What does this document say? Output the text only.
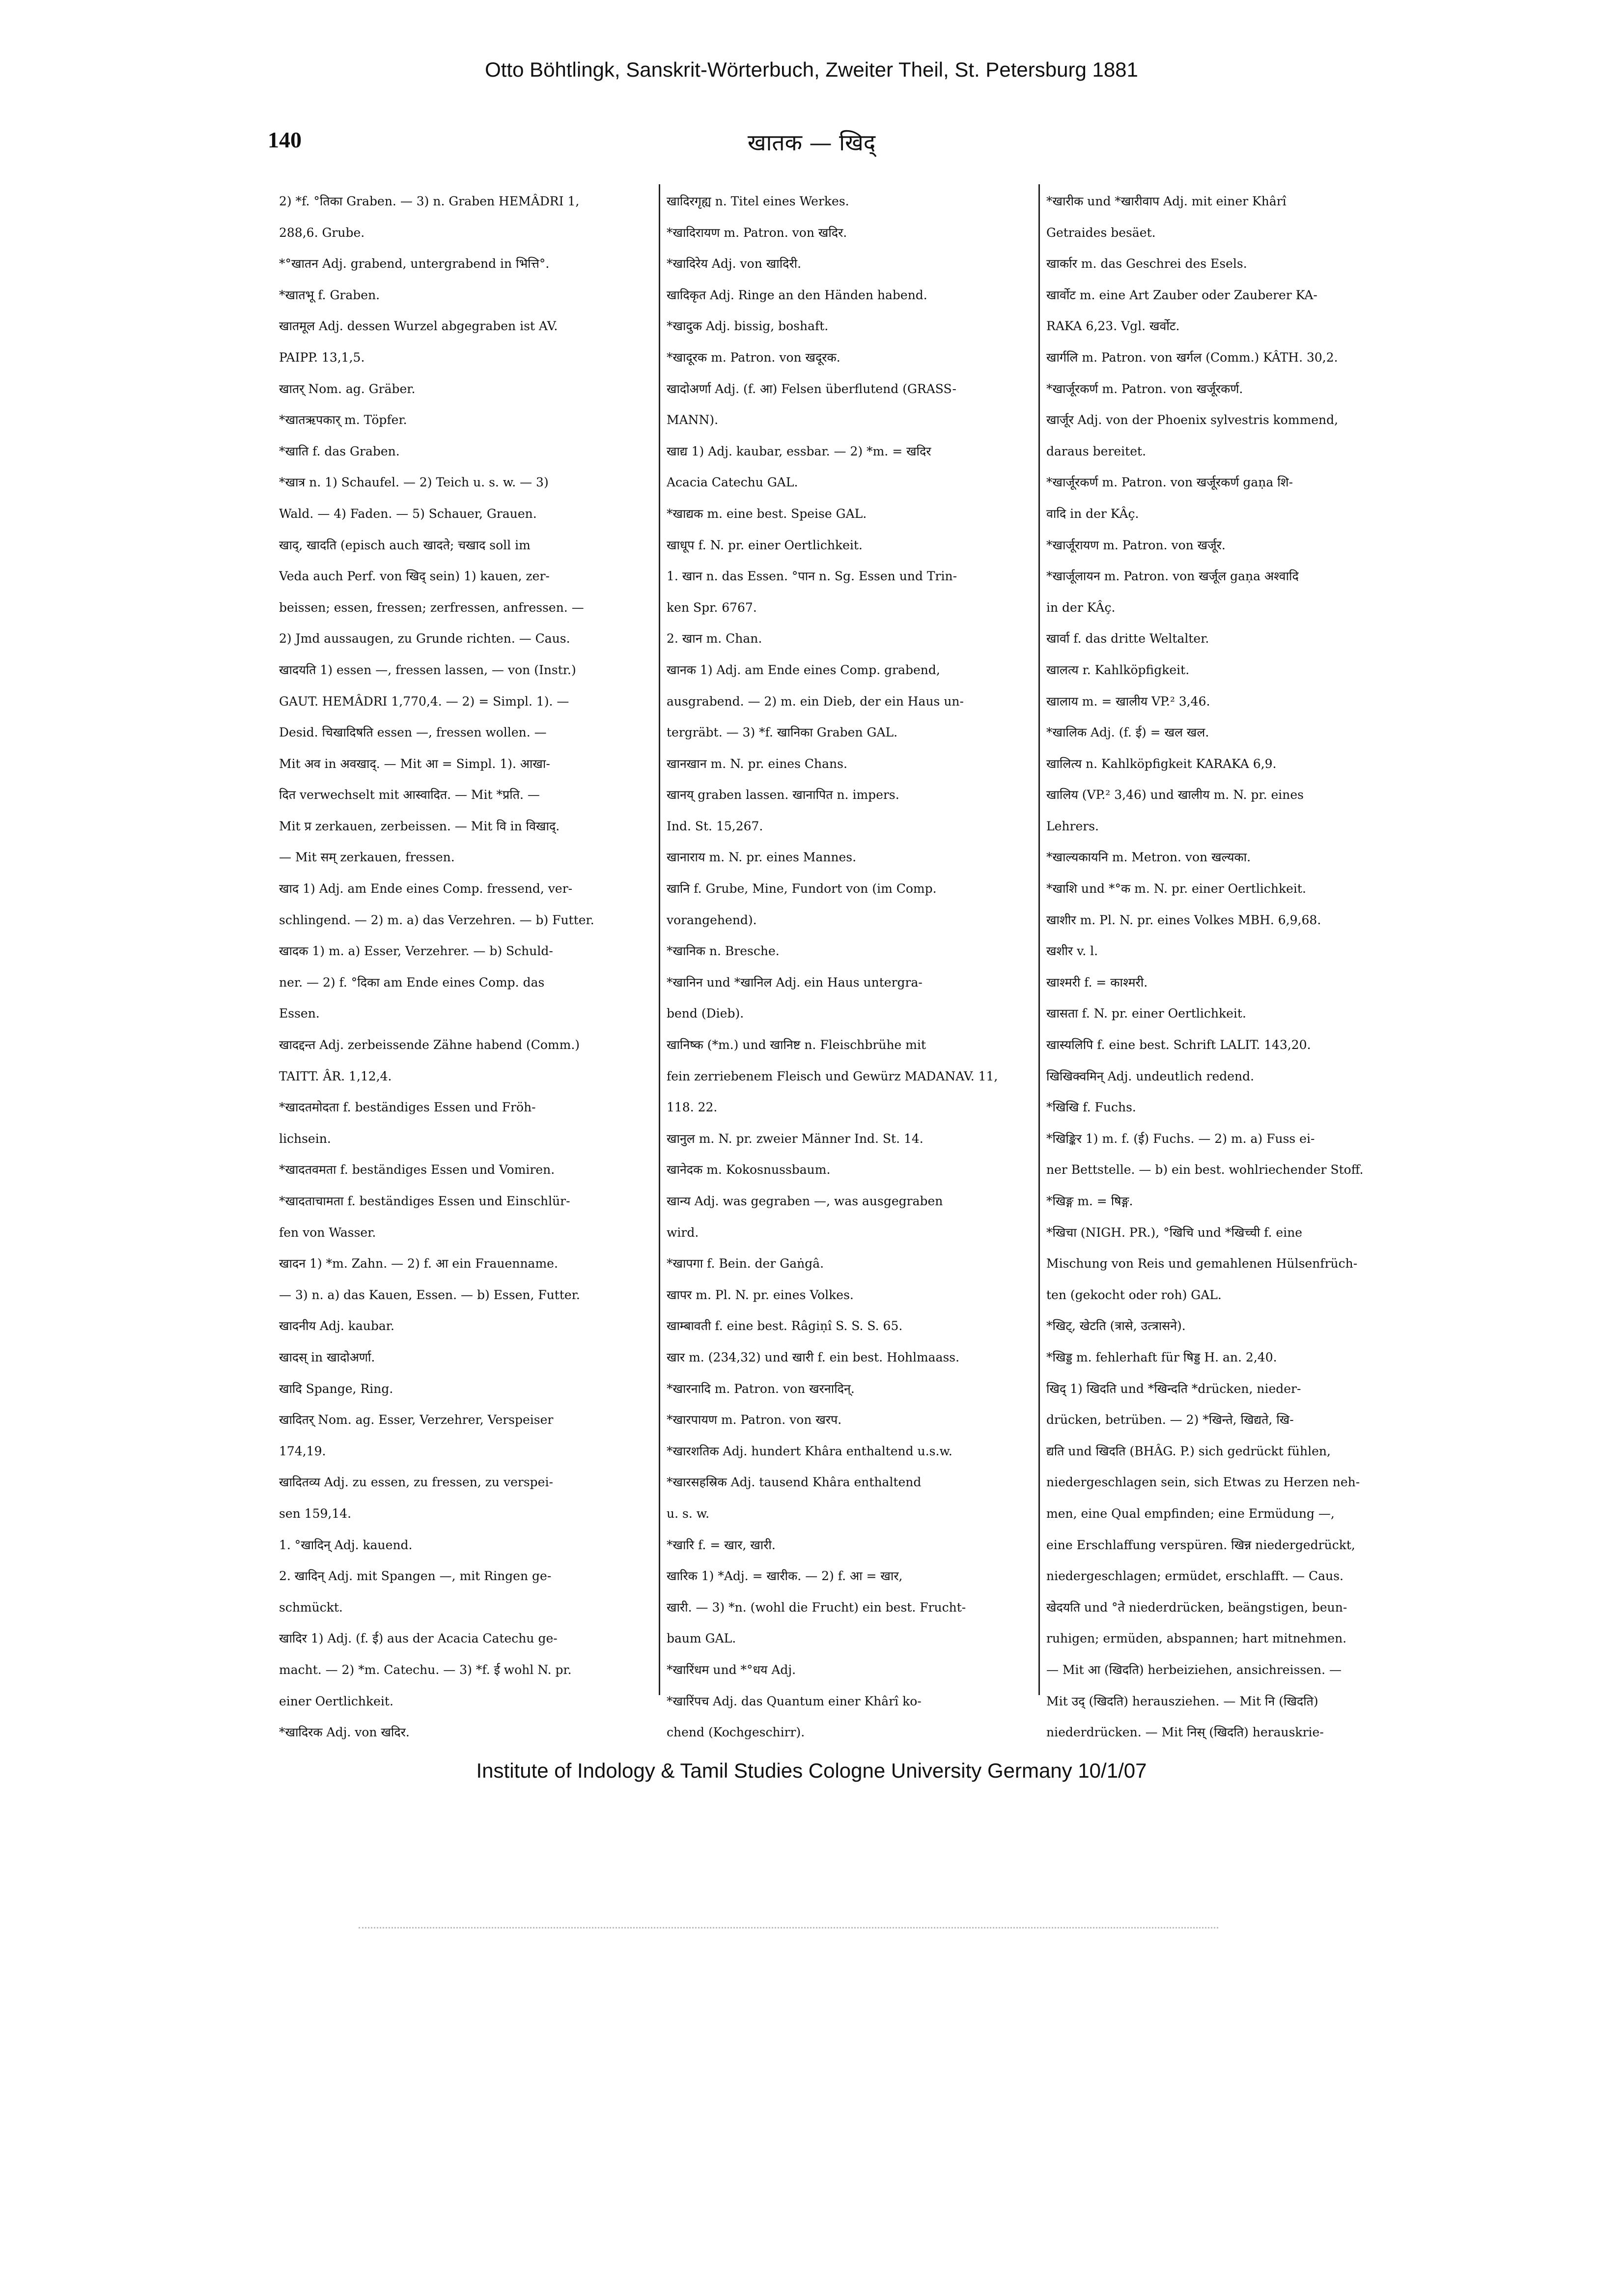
Otto Böhtlingk, Sanskrit-Wörterbuch, Zweiter Theil, St. Petersburg 1881
140	खातक — खिद्
2) *f. °तिका Graben. — 3) n. Graben HEMÂDRI 1,
288,6. Grube.
*°खातन Adj. grabend, untergrabend in भित्ति°.
*खातभू f. Graben.
खातमूल Adj. dessen Wurzel abgegraben ist AV.
PAIPP. 13,1,5.
खातर् Nom. ag. Gräber.
*खातऋपकार् m. Töpfer.
*खाति f. das Graben.
*खात्र n. 1) Schaufel. — 2) Teich u. s. w. — 3)
Wald. — 4) Faden. — 5) Schauer, Grauen.
खाद्, खादति (episch auch खादते; चखाद soll im
Veda auch Perf. von खिद् sein) 1) kauen, zer-
beissen; essen, fressen; zerfressen, anfressen. —
2) Jmd aussaugen, zu Grunde richten. — Caus.
खादयति 1) essen —, fressen lassen, — von (Instr.)
GAUT. HEMÂDRI 1,770,4. — 2) = Simpl. 1). —
Desid. चिखादिषति essen —, fressen wollen. —
Mit अव in अवखाद्. — Mit आ = Simpl. 1). आखा-
दित verwechselt mit आस्वादित. — Mit *प्रति. —
Mit प्र zerkauen, zerbeissen. — Mit वि in विखाद्.
— Mit सम् zerkauen, fressen.
खाद 1) Adj. am Ende eines Comp. fressend, ver-
schlingend. — 2) m. a) das Verzehren. — b) Futter.
खादक 1) m. a) Esser, Verzehrer. — b) Schuld-
ner. — 2) f. °दिका am Ende eines Comp. das
Essen.
खादद्दन्त Adj. zerbeissende Zähne habend (Comm.)
TAITT. ÂR. 1,12,4.
*खादतमोदता f. beständiges Essen und Fröh-
lichsein.
*खादतवमता f. beständiges Essen und Vomiren.
*खादताचामता f. beständiges Essen und Einschlür-
fen von Wasser.
खादन 1) *m. Zahn. — 2) f. आ ein Frauenname.
— 3) n. a) das Kauen, Essen. — b) Essen, Futter.
खादनीय Adj. kaubar.
खादस् in खादोअर्णा.
खादि Spange, Ring.
खादितर् Nom. ag. Esser, Verzehrer, Verspeiser
174,19.
खादितव्य Adj. zu essen, zu fressen, zu verspei-
sen 159,14.
1. °खादिन् Adj. kauend.
2. खादिन् Adj. mit Spangen —, mit Ringen ge-
schmückt.
खादिर 1) Adj. (f. ई) aus der Acacia Catechu ge-
macht. — 2) *m. Catechu. — 3) *f. ई wohl N. pr.
einer Oertlichkeit.
*खादिरक Adj. von खदिर.
खादिरगृह्य n. Titel eines Werkes.
*खादिरायण m. Patron. von खदिर.
*खादिरेय Adj. von खादिरी.
खादिकृत Adj. Ringe an den Händen habend.
*खादुक Adj. bissig, boshaft.
*खादूरक m. Patron. von खदूरक.
खादोअर्णा Adj. (f. आ) Felsen überflutend (GRASS-
MANN).
खाद्य 1) Adj. kaubar, essbar. — 2) *m. = खदिर
Acacia Catechu GAL.
*खाद्यक m. eine best. Speise GAL.
खाधूप f. N. pr. einer Oertlichkeit.
1. खान n. das Essen. °पान n. Sg. Essen und Trin-
ken Spr. 6767.
2. खान m. Chan.
खानक 1) Adj. am Ende eines Comp. grabend,
ausgrabend. — 2) m. ein Dieb, der ein Haus un-
tergräbt. — 3) *f. खानिका Graben GAL.
खानखान m. N. pr. eines Chans.
खानय् graben lassen. खानापित n. impers.
Ind. St. 15,267.
खानाराय m. N. pr. eines Mannes.
खानि f. Grube, Mine, Fundort von (im Comp.
vorangehend).
*खानिक n. Bresche.
*खानिन und *खानिल Adj. ein Haus untergra-
bend (Dieb).
खानिष्क (*m.) und खानिष्ट n. Fleischbrühe mit
fein zerriebenem Fleisch und Gewürz MADANAV. 11,
118. 22.
खानुल m. N. pr. zweier Männer Ind. St. 14.
खानेदक m. Kokosnussbaum.
खान्य Adj. was gegraben —, was ausgegraben
wird.
*खापगा f. Bein. der Gaṅgâ.
खापर m. Pl. N. pr. eines Volkes.
खाम्बावती f. eine best. Râgiṇî S. S. S. 65.
खार m. (234,32) und खारी f. ein best. Hohlmaass.
*खारनादि m. Patron. von खरनादिन्.
*खारपायण m. Patron. von खरप.
*खारशतिक Adj. hundert Khâra enthaltend u.s.w.
*खारसहस्रिक Adj. tausend Khâra enthaltend
u. s. w.
*खारि f. = खार, खारी.
खारिक 1) *Adj. = खारीक. — 2) f. आ = खार,
खारी. — 3) *n. (wohl die Frucht) ein best. Frucht-
baum GAL.
*खारिंधम und *°धय Adj.
*खारिंपच Adj. das Quantum einer Khârî ko-
chend (Kochgeschirr).
*खारीक und *खारीवाप Adj. mit einer Khârî
Getraides besäet.
खार्कार m. das Geschrei des Esels.
खार्वोट m. eine Art Zauber oder Zauberer KA-
RAKA 6,23. Vgl. खर्वोट.
खार्गलि m. Patron. von खर्गल (Comm.) KÂTH. 30,2.
*खार्जूरकर्ण m. Patron. von खर्जूरकर्ण.
खार्जूर Adj. von der Phoenix sylvestris kommend,
daraus bereitet.
*खार्जूरकर्ण m. Patron. von खर्जूरकर्ण gaṇa शि-
वादि in der KÂç.
*खार्जूरायण m. Patron. von खर्जूर.
*खार्जूलायन m. Patron. von खर्जूल gaṇa अश्वादि
in der KÂç.
खार्वा f. das dritte Weltalter.
खालत्य r. Kahlköpfigkeit.
खालाय m. = खालीय VP.² 3,46.
*खालिक Adj. (f. ई) = खल खल.
खालित्य n. Kahlköpfigkeit KARAKA 6,9.
खालिय (VP.² 3,46) und खालीय m. N. pr. eines
Lehrers.
*खाल्यकायनि m. Metron. von खल्यका.
*खाशि und *°क m. N. pr. einer Oertlichkeit.
खाशीर m. Pl. N. pr. eines Volkes MBH. 6,9,68.
खशीर v. l.
खाश्मरी f. = काश्मरी.
खासता f. N. pr. einer Oertlichkeit.
खास्यलिपि f. eine best. Schrift LALIT. 143,20.
खिखिक्वमिन् Adj. undeutlich redend.
*खिखि f. Fuchs.
*खिङ्किर 1) m. f. (ई) Fuchs. — 2) m. a) Fuss ei-
ner Bettstelle. — b) ein best. wohlriechender Stoff.
*खिङ्ग m. = षिङ्ग.
*खिचा (NIGH. PR.), °खिचि und *खिच्ची f. eine
Mischung von Reis und gemahlenen Hülsenfrüch-
ten (gekocht oder roh) GAL.
*खिट्, खेटति (त्रासे, उत्त्रासने).
*खिड्ड m. fehlerhaft für षिड्ड H. an. 2,40.
खिद् 1) खिदति und *खिन्दति *drücken, nieder-
drücken, betrüben. — 2) *खिन्ते, खिद्यते, खि-
द्यति und खिदति (BHÂG. P.) sich gedrückt fühlen,
niedergeschlagen sein, sich Etwas zu Herzen neh-
men, eine Qual empfinden; eine Ermüdung —,
eine Erschlaffung verspüren. खिन्न niedergedrückt,
niedergeschlagen; ermüdet, erschlafft. — Caus.
खेदयति und °ते niederdrücken, beängstigen, beun-
ruhigen; ermüden, abspannen; hart mitnehmen.
— Mit आ (खिदति) herbeiziehen, ansichreissen. —
Mit उद् (खिदति) herausziehen. — Mit नि (खिदति)
niederdrücken. — Mit निस् (खिदति) herauskrie-
Institute of Indology & Tamil Studies Cologne University Germany 10/1/07
